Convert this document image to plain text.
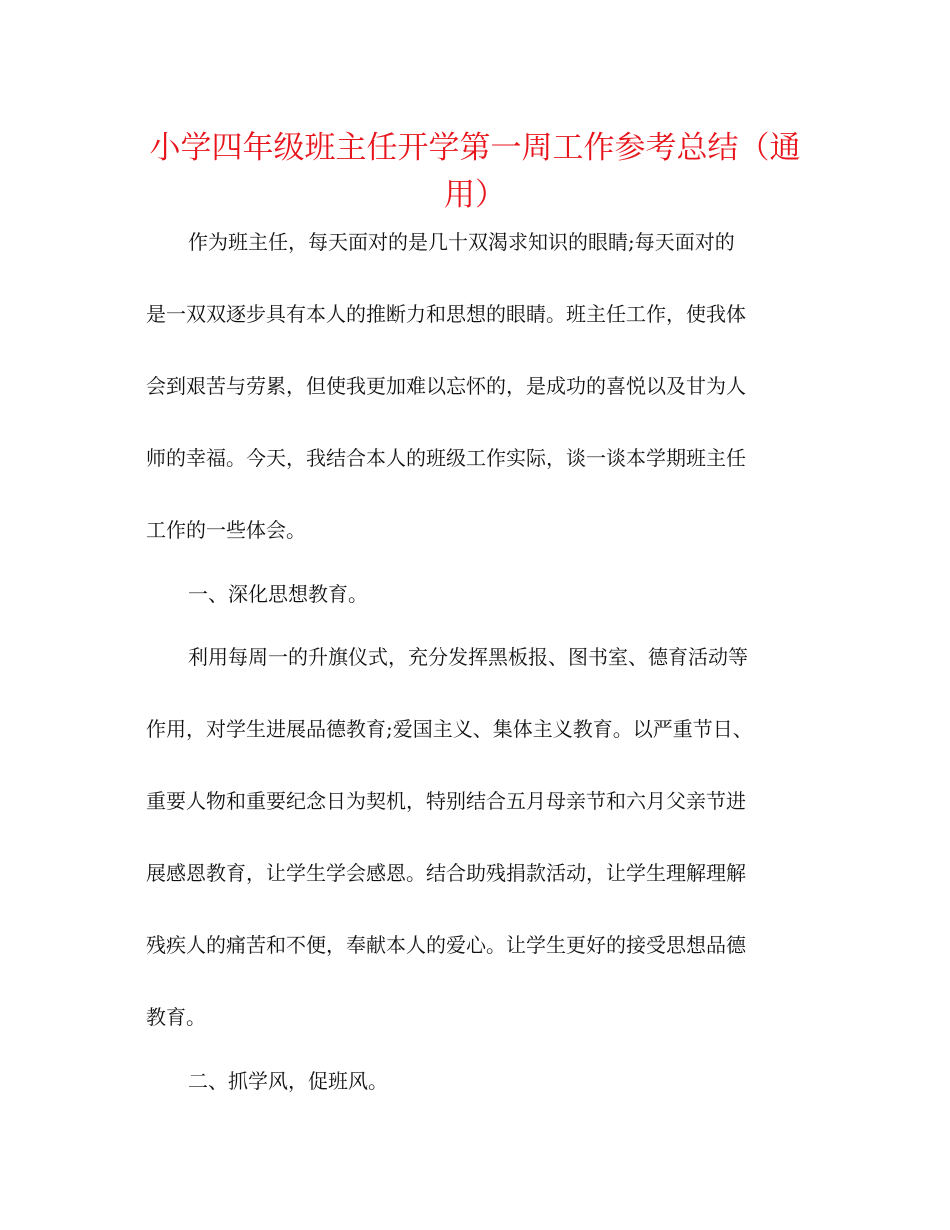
小学四年级班主任开学第一周工作参考总结（通
用）
作为班主任，每天面对的是几十双渴求知识的眼睛;每天面对的
是一双双逐步具有本人的推断力和思想的眼睛。班主任工作，使我体
会到艰苦与劳累，但使我更加难以忘怀的，是成功的喜悦以及甘为人
师的幸福。今天，我结合本人的班级工作实际，谈一谈本学期班主任
工作的一些体会。
一、深化思想教育。
利用每周一的升旗仪式，充分发挥黑板报、图书室、德育活动等
作用，对学生进展品德教育;爱国主义、集体主义教育。以严重节日、
重要人物和重要纪念日为契机，特别结合五月母亲节和六月父亲节进
展感恩教育，让学生学会感恩。结合助残捐款活动，让学生理解理解
残疾人的痛苦和不便，奉献本人的爱心。让学生更好的接受思想品德
教育。
二、抓学风，促班风。
